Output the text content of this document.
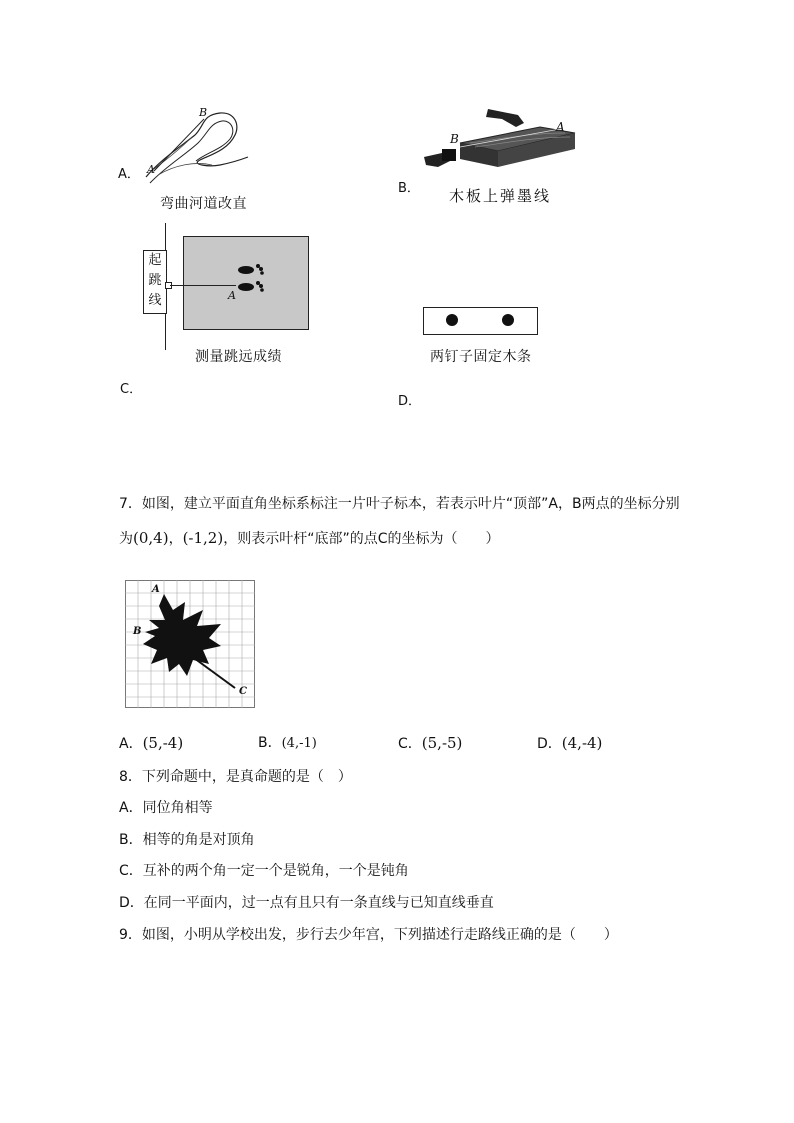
A． A
B
弯曲河道改直
B．
B
A
木板上弹墨线
起
跳
线	A
测量跳远成绩
C．
两钉子固定木条
D．
7．如图，建立平面直角坐标系标注一片叶子标本，若表示叶片“顶部”A，B两点的坐标分别
为(0,4)，(-1,2)，则表示叶杆“底部”的点C的坐标为（　　）
A
B
C
A．(5,-4)	B．(4,-1)	C．(5,-5)	D．(4,-4)
8．下列命题中，是真命题的是（　）
A．同位角相等
B．相等的角是对顶角
C．互补的两个角一定一个是锐角，一个是钝角
D．在同一平面内，过一点有且只有一条直线与已知直线垂直
9．如图，小明从学校出发，步行去少年宫，下列描述行走路线正确的是（　　）
